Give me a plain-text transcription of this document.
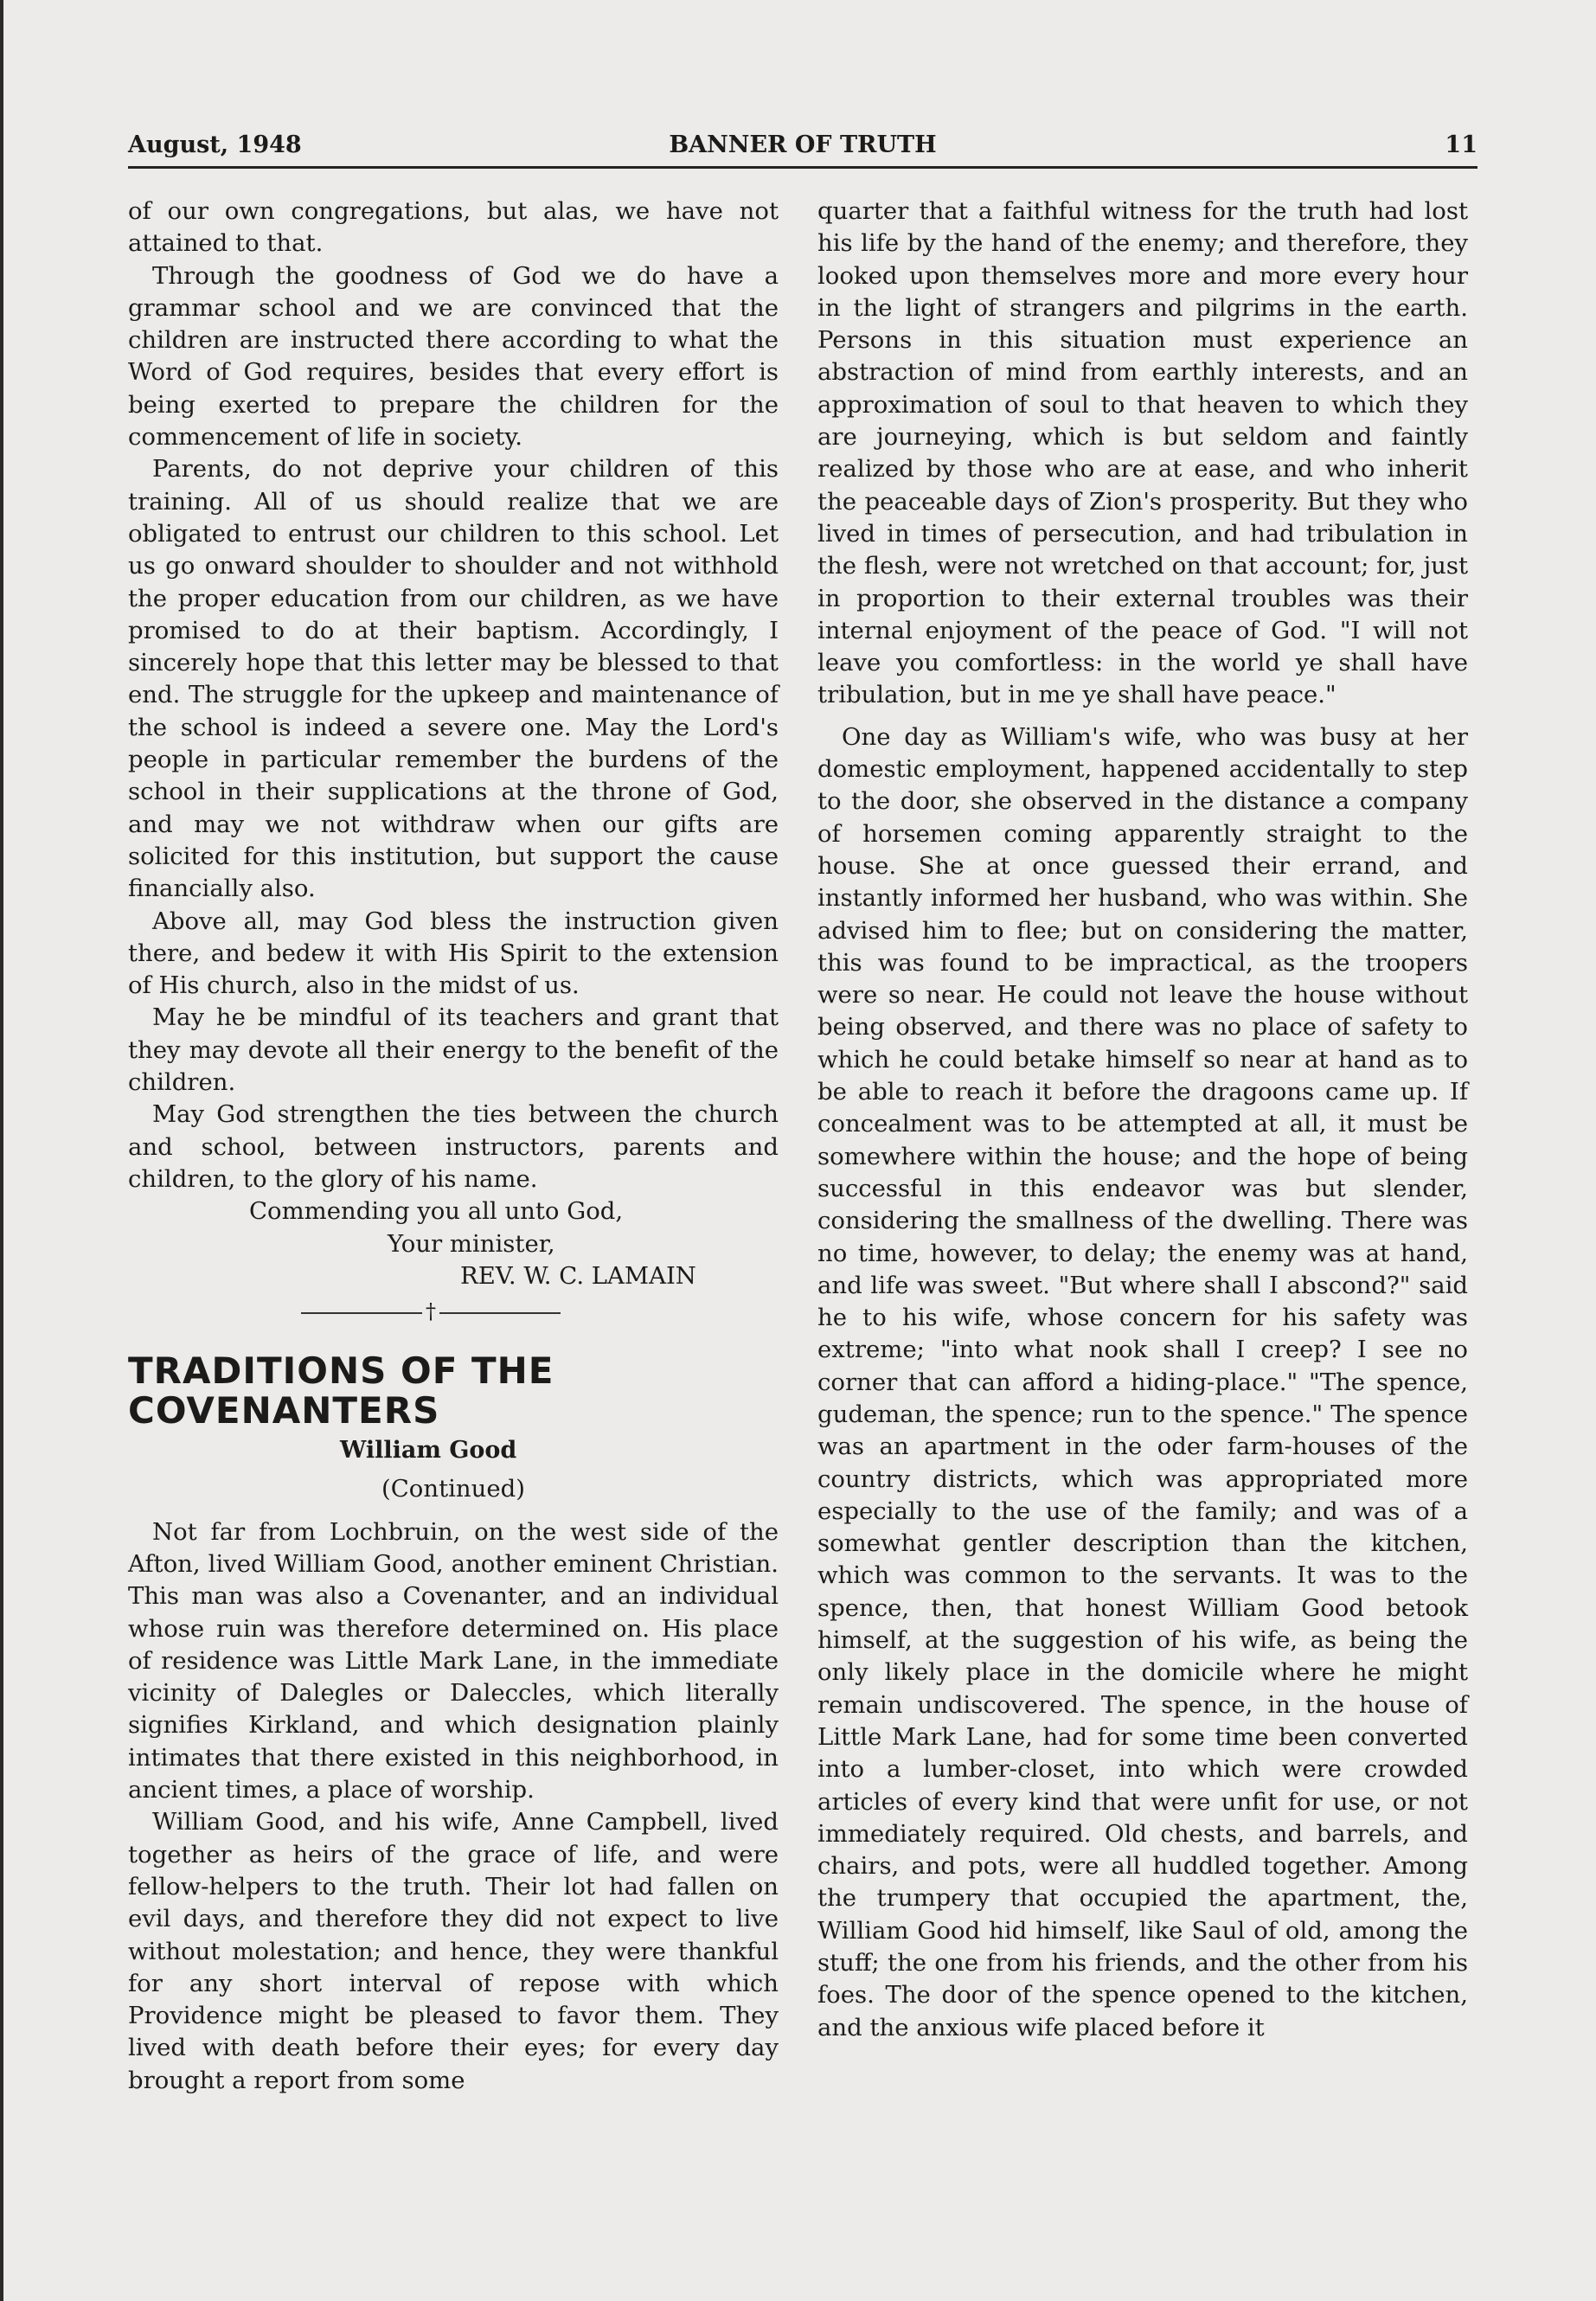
BANNER OF TRUTH
August, 1948	11

of our own congregations, but alas, we have not attained to that.

Through the goodness of God we do have a grammar school and we are convinced that the children are instructed there according to what the Word of God requires, besides that every effort is being exerted to prepare the children for the commencement of life in society.

Parents, do not deprive your children of this training. All of us should realize that we are obligated to entrust our children to this school. Let us go onward shoulder to shoulder and not withhold the proper education from our children, as we have promised to do at their baptism. Accordingly, I sincerely hope that this letter may be blessed to that end. The struggle for the upkeep and maintenance of the school is indeed a severe one. May the Lord's people in particular remember the burdens of the school in their supplications at the throne of God, and may we not withdraw when our gifts are solicited for this institution, but support the cause financially also.

Above all, may God bless the instruction given there, and bedew it with His Spirit to the extension of His church, also in the midst of us.

May he be mindful of its teachers and grant that they may devote all their energy to the benefit of the children.

May God strengthen the ties between the church and school, between instructors, parents and children, to the glory of his name.

Commending you all unto God,
Your minister,
REV. W. C. LAMAIN
†
TRADITIONS OF THE
COVENANTERS
William Good
(Continued)

Not far from Lochbruin, on the west side of the Afton, lived William Good, another eminent Christian. This man was also a Covenanter, and an individual whose ruin was therefore determined on. His place of residence was Little Mark Lane, in the immediate vicinity of Dalegles or Daleccles, which literally signifies Kirkland, and which designation plainly intimates that there existed in this neighborhood, in ancient times, a place of worship.

William Good, and his wife, Anne Campbell, lived together as heirs of the grace of life, and were fellow-helpers to the truth. Their lot had fallen on evil days, and therefore they did not expect to live without molestation; and hence, they were thankful for any short interval of repose with which Providence might be pleased to favor them. They lived with death before their eyes; for every day brought a report from some

quarter that a faithful witness for the truth had lost his life by the hand of the enemy; and therefore, they looked upon themselves more and more every hour in the light of strangers and pilgrims in the earth. Persons in this situation must experience an abstraction of mind from earthly interests, and an approximation of soul to that heaven to which they are journeying, which is but seldom and faintly realized by those who are at ease, and who inherit the peaceable days of Zion's prosperity. But they who lived in times of persecution, and had tribulation in the flesh, were not wretched on that account; for, just in proportion to their external troubles was their internal enjoyment of the peace of God. "I will not leave you comfortless: in the world ye shall have tribulation, but in me ye shall have peace."

One day as William's wife, who was busy at her domestic employment, happened accidentally to step to the door, she observed in the distance a company of horsemen coming apparently straight to the house. She at once guessed their errand, and instantly informed her husband, who was within. She advised him to flee; but on considering the matter, this was found to be impractical, as the troopers were so near. He could not leave the house without being observed, and there was no place of safety to which he could betake himself so near at hand as to be able to reach it before the dragoons came up. If concealment was to be attempted at all, it must be somewhere within the house; and the hope of being successful in this endeavor was but slender, considering the smallness of the dwelling. There was no time, however, to delay; the enemy was at hand, and life was sweet. "But where shall I abscond?" said he to his wife, whose concern for his safety was extreme; "into what nook shall I creep? I see no corner that can afford a hiding-place." "The spence, gudeman, the spence; run to the spence." The spence was an apartment in the oder farm-houses of the country districts, which was appropriated more especially to the use of the family; and was of a somewhat gentler description than the kitchen, which was common to the servants. It was to the spence, then, that honest William Good betook himself, at the suggestion of his wife, as being the only likely place in the domicile where he might remain undiscovered. The spence, in the house of Little Mark Lane, had for some time been converted into a lumber-closet, into which were crowded articles of every kind that were unfit for use, or not immediately required. Old chests, and barrels, and chairs, and pots, were all huddled together. Among the trumpery that occupied the apartment, the, William Good hid himself, like Saul of old, among the stuff; the one from his friends, and the other from his foes. The door of the spence opened to the kitchen, and the anxious wife placed before it
